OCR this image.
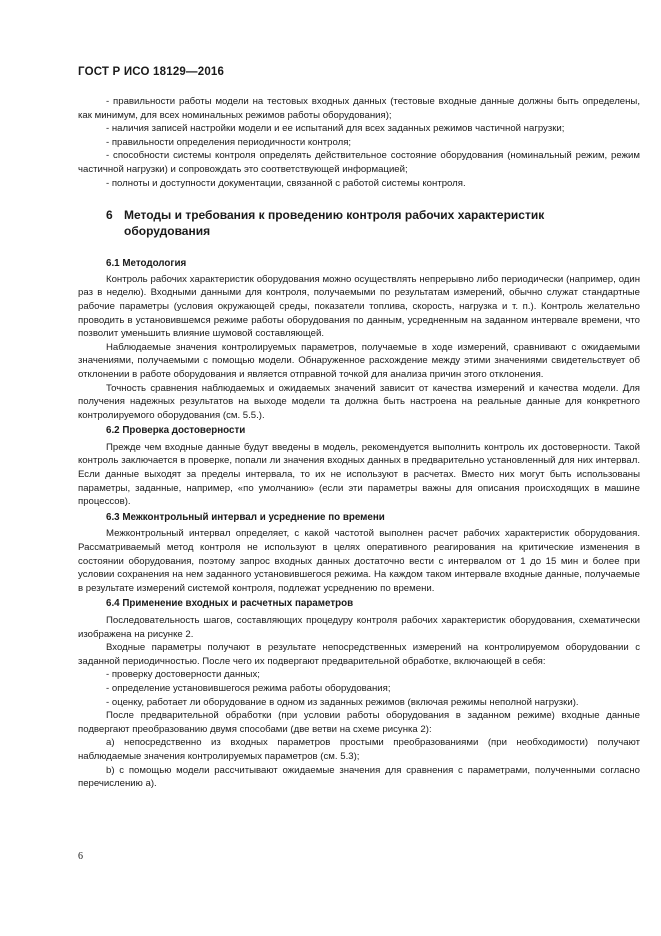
ГОСТ Р ИСО 18129—2016

- правильности работы модели на тестовых входных данных (тестовые входные данные должны быть определены, как минимум, для всех номинальных режимов работы оборудования);

- наличия записей настройки модели и ее испытаний для всех заданных режимов частичной нагрузки;

- правильности определения периодичности контроля;

- способности системы контроля определять действительное состояние оборудования (номинальный режим, режим частичной нагрузки) и сопровождать это соответствующей информацией;

- полноты и доступности документации, связанной с работой системы контроля.

6 Методы и требования к проведению контроля рабочих характеристик оборудования

6.1 Методология

Контроль рабочих характеристик оборудования можно осуществлять непрерывно либо периодически (например, один раз в неделю). Входными данными для контроля, получаемыми по результатам измерений, обычно служат стандартные рабочие параметры (условия окружающей среды, показатели топлива, скорость, нагрузка и т. п.). Контроль желательно проводить в установившемся режиме работы оборудования по данным, усредненным на заданном интервале времени, что позволит уменьшить влияние шумовой составляющей.

Наблюдаемые значения контролируемых параметров, получаемые в ходе измерений, сравнивают с ожидаемыми значениями, получаемыми с помощью модели. Обнаруженное расхождение между этими значениями свидетельствует об отклонении в работе оборудования и является отправной точкой для анализа причин этого отклонения.

Точность сравнения наблюдаемых и ожидаемых значений зависит от качества измерений и качества модели. Для получения надежных результатов на выходе модели та должна быть настроена на реальные данные для конкретного контролируемого оборудования (см. 5.5.).

6.2 Проверка достоверности

Прежде чем входные данные будут введены в модель, рекомендуется выполнить контроль их достоверности. Такой контроль заключается в проверке, попали ли значения входных данных в предварительно установленный для них интервал. Если данные выходят за пределы интервала, то их не используют в расчетах. Вместо них могут быть использованы параметры, заданные, например, «по умолчанию» (если эти параметры важны для описания происходящих в машине процессов).

6.3 Межконтрольный интервал и усреднение по времени

Межконтрольный интервал определяет, с какой частотой выполнен расчет рабочих характеристик оборудования. Рассматриваемый метод контроля не используют в целях оперативного реагирования на критические изменения в состоянии оборудования, поэтому запрос входных данных достаточно вести с интервалом от 1 до 15 мин и более при условии сохранения на нем заданного установившегося режима. На каждом таком интервале входные данные, получаемые в результате измерений системой контроля, подлежат усреднению по времени.

6.4 Применение входных и расчетных параметров

Последовательность шагов, составляющих процедуру контроля рабочих характеристик оборудования, схематически изображена на рисунке 2.

Входные параметры получают в результате непосредственных измерений на контролируемом оборудовании с заданной периодичностью. После чего их подвергают предварительной обработке, включающей в себя:

- проверку достоверности данных;

- определение установившегося режима работы оборудования;

- оценку, работает ли оборудование в одном из заданных режимов (включая режимы неполной нагрузки).

После предварительной обработки (при условии работы оборудования в заданном режиме) входные данные подвергают преобразованию двумя способами (две ветви на схеме рисунка 2):

a) непосредственно из входных параметров простыми преобразованиями (при необходимости) получают наблюдаемые значения контролируемых параметров (см. 5.3);

b) с помощью модели рассчитывают ожидаемые значения для сравнения с параметрами, полученными согласно перечислению а).

6
